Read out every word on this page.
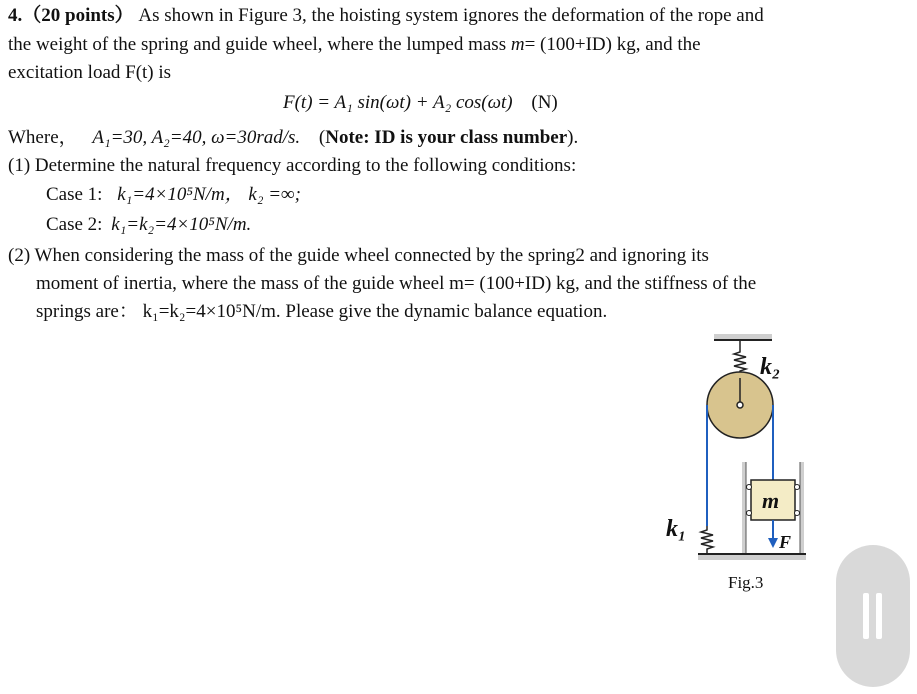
4.（20 points） As shown in Figure 3, the hoisting system ignores the deformation of the rope and
the weight of the spring and guide wheel, where the lumped mass m= (100+ID) kg, and the
excitation load F(t) is
F(t) = A₁ sin(ωt) + A₂ cos(ωt) (N)
Where， A₁=30, A₂=40, ω=30rad/s. (Note: ID is your class number).
(1) Determine the natural frequency according to the following conditions:
Case 1: k₁=4×10⁵N/m， k₂ =∞;
Case 2: k₁=k₂=4×10⁵N/m.
(2) When considering the mass of the guide wheel connected by the spring2 and ignoring its
moment of inertia, where the mass of the guide wheel m= (100+ID) kg, and the stiffness of the
springs are： k₁=k₂=4×10⁵N/m. Please give the dynamic balance equation.
k₂
k₁
m
F
Fig.3
